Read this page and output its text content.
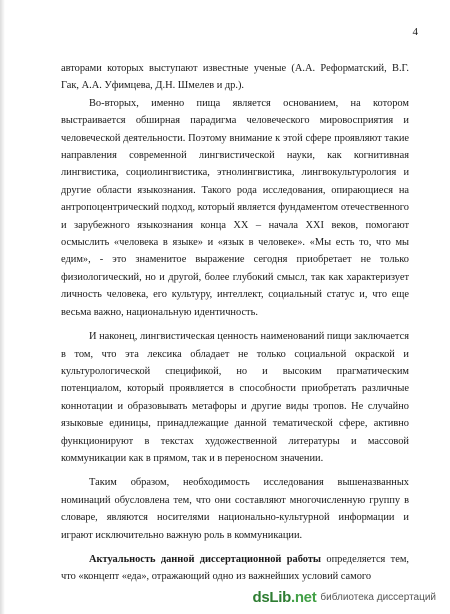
4

авторами которых выступают известные ученые (А.А. Реформатский, В.Г. Гак, А.А. Уфимцева, Д.Н. Шмелев и др.).

Во-вторых, именно пища является основанием, на котором выстраивается обширная парадигма человеческого мировосприятия и человеческой деятельности. Поэтому внимание к этой сфере проявляют такие направления современной лингвистической науки, как когнитивная лингвистика, социолингвистика, этнолингвистика, лингвокультурология и другие области языкознания. Такого рода исследования, опирающиеся на антропоцентрический подход, который является фундаментом отечественного и зарубежного языкознания конца XX – начала XXI веков, помогают осмыслить «человека в языке» и «язык в человеке». «Мы есть то, что мы едим», - это знаменитое выражение сегодня приобретает не только физиологический, но и другой, более глубокий смысл, так как характеризует личность человека, его культуру, интеллект, социальный статус и, что еще весьма важно, национальную идентичность.

И наконец, лингвистическая ценность наименований пищи заключается в том, что эта лексика обладает не только социальной окраской и культурологической спецификой, но и высоким прагматическим потенциалом, который проявляется в способности приобретать различные коннотации и образовывать метафоры и другие виды тропов. Не случайно языковые единицы, принадлежащие данной тематической сфере, активно функционируют в текстах художественной литературы и массовой коммуникации как в прямом, так и в переносном значении.

Таким образом, необходимость исследования вышеназванных номинаций обусловлена тем, что они составляют многочисленную группу в словаре, являются носителями национально-культурной информации и играют исключительно важную роль в коммуникации.

Актуальность данной диссертационной работы определяется тем, что «концепт «еда», отражающий одно из важнейших условий самого

dsLib.net библиотека диссертаций
